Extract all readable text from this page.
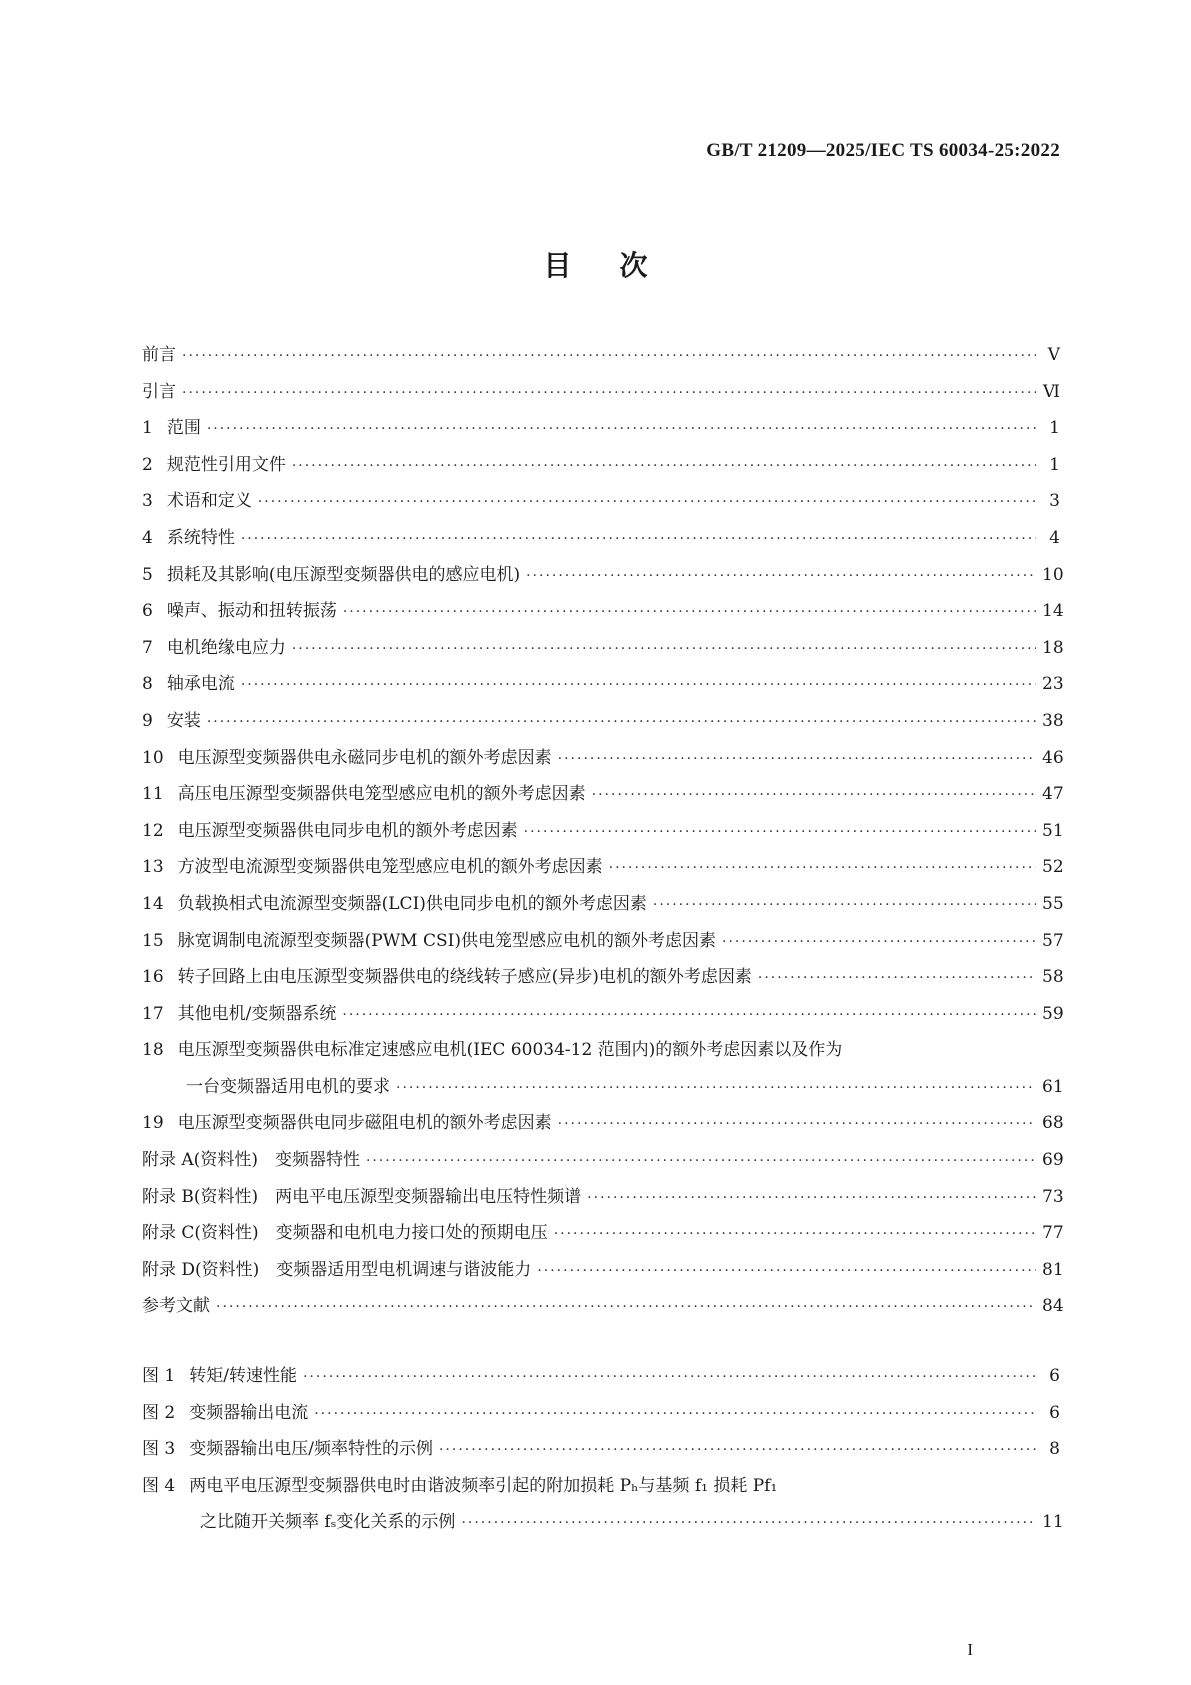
GB/T 21209—2025/IEC TS 60034-25:2022
目次
前言 ·····	Ⅴ
引言 ·····	Ⅵ
1 范围 ·····	1
2 规范性引用文件 ·····	1
3 术语和定义 ·····	3
4 系统特性 ·····	4
5 损耗及其影响(电压源型变频器供电的感应电机) ·····	10
6 噪声、振动和扭转振荡 ·····	14
7 电机绝缘电应力 ·····	18
8 轴承电流 ·····	23
9 安装 ·····	38
10 电压源型变频器供电永磁同步电机的额外考虑因素 ·····	46
11 高压电压源型变频器供电笼型感应电机的额外考虑因素 ·····	47
12 电压源型变频器供电同步电机的额外考虑因素 ·····	51
13 方波型电流源型变频器供电笼型感应电机的额外考虑因素 ·····	52
14 负载换相式电流源型变频器(LCI)供电同步电机的额外考虑因素 ·····	55
15 脉宽调制电流源型变频器(PWM CSI)供电笼型感应电机的额外考虑因素 ·····	57
16 转子回路上由电压源型变频器供电的绕线转子感应(异步)电机的额外考虑因素 ·····	58
17 其他电机/变频器系统 ·····	59
18 电压源型变频器供电标准定速感应电机(IEC 60034-12 范围内)的额外考虑因素以及作为
一台变频器适用电机的要求 ·····	61
19 电压源型变频器供电同步磁阻电机的额外考虑因素 ·····	68
附录 A(资料性)　变频器特性 ·····	69
附录 B(资料性)　两电平电压源型变频器输出电压特性频谱 ·····	73
附录 C(资料性)　变频器和电机电力接口处的预期电压 ·····	77
附录 D(资料性)　变频器适用型电机调速与谐波能力 ·····	81
参考文献 ·····	84
图 1 转矩/转速性能 ·····	6
图 2 变频器输出电流 ·····	6
图 3 变频器输出电压/频率特性的示例 ·····	8
图 4 两电平电压源型变频器供电时由谐波频率引起的附加损耗 Pₕ与基频 f₁ 损耗 Pf₁
之比随开关频率 fₛ变化关系的示例 ·····	11
I
